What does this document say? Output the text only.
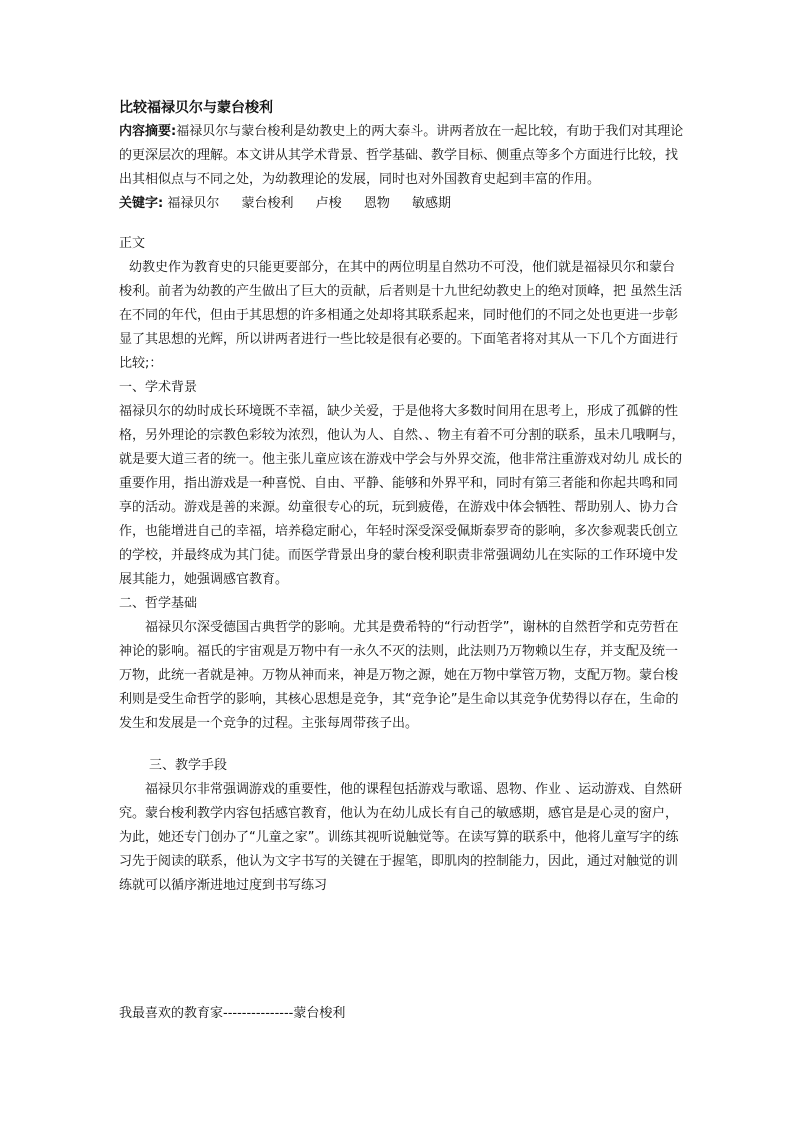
比较福禄贝尔与蒙台梭利

内容摘要:福禄贝尔与蒙台梭利是幼教史上的两大泰斗。讲两者放在一起比较，有助于我们对其理论的更深层次的理解。本文讲从其学术背景、哲学基础、教学目标、侧重点等多个方面进行比较，找出其相似点与不同之处，为幼教理论的发展，同时也对外国教育史起到丰富的作用。

关键字: 福禄贝尔 蒙台梭利 卢梭 恩物 敏感期

正文

幼教史作为教育史的只能更要部分，在其中的两位明星自然功不可没，他们就是福禄贝尔和蒙台梭利。前者为幼教的产生做出了巨大的贡献，后者则是十九世纪幼教史上的绝对顶峰，把 虽然生活在不同的年代，但由于其思想的许多相通之处却将其联系起来，同时他们的不同之处也更进一步彰显了其思想的光辉，所以讲两者进行一些比较是很有必要的。下面笔者将对其从一下几个方面进行比较;：

一、学术背景

福禄贝尔的幼时成长环境既不幸福，缺少关爱，于是他将大多数时间用在思考上，形成了孤僻的性格，另外理论的宗教色彩较为浓烈，他认为人、自然、、物主有着不可分割的联系，虽未几哦啊与，就是要大道三者的统一。他主张儿童应该在游戏中学会与外界交流，他非常注重游戏对幼儿 成长的重要作用，指出游戏是一种喜悦、自由、平静、能够和外界平和，同时有第三者能和你起共鸣和同享的活动。游戏是善的来源。幼童很专心的玩，玩到疲倦，在游戏中体会牺牲、帮助别人、协力合作，也能增进自己的幸福，培养稳定耐心，年轻时深受深受佩斯泰罗奇的影响，多次参观裴氏创立的学校，并最终成为其门徒。而医学背景出身的蒙台梭利职责非常强调幼儿在实际的工作环境中发展其能力，她强调感官教育。

二、哲学基础

福禄贝尔深受德国古典哲学的影响。尤其是费希特的“行动哲学”，谢林的自然哲学和克劳哲在神论的影响。福氏的宇宙观是万物中有一永久不灭的法则，此法则乃万物赖以生存，并支配及统一万物，此统一者就是神。万物从神而来，神是万物之源，她在万物中掌管万物，支配万物。蒙台梭利则是受生命哲学的影响，其核心思想是竞争，其“竞争论”是生命以其竞争优势得以存在，生命的发生和发展是一个竞争的过程。主张每周带孩子出。

三、教学手段

福禄贝尔非常强调游戏的重要性，他的课程包括游戏与歌谣、恩物、作业 、运动游戏、自然研究。蒙台梭利教学内容包括感官教育，他认为在幼儿成长有自己的敏感期，感官是是心灵的窗户，为此，她还专门创办了“儿童之家”。训练其视听说触觉等。在读写算的联系中，他将儿童写字的练习先于阅读的联系，他认为文字书写的关键在于握笔，即肌肉的控制能力，因此，通过对触觉的训练就可以循序渐进地过度到书写练习

我最喜欢的教育家---------------蒙台梭利
